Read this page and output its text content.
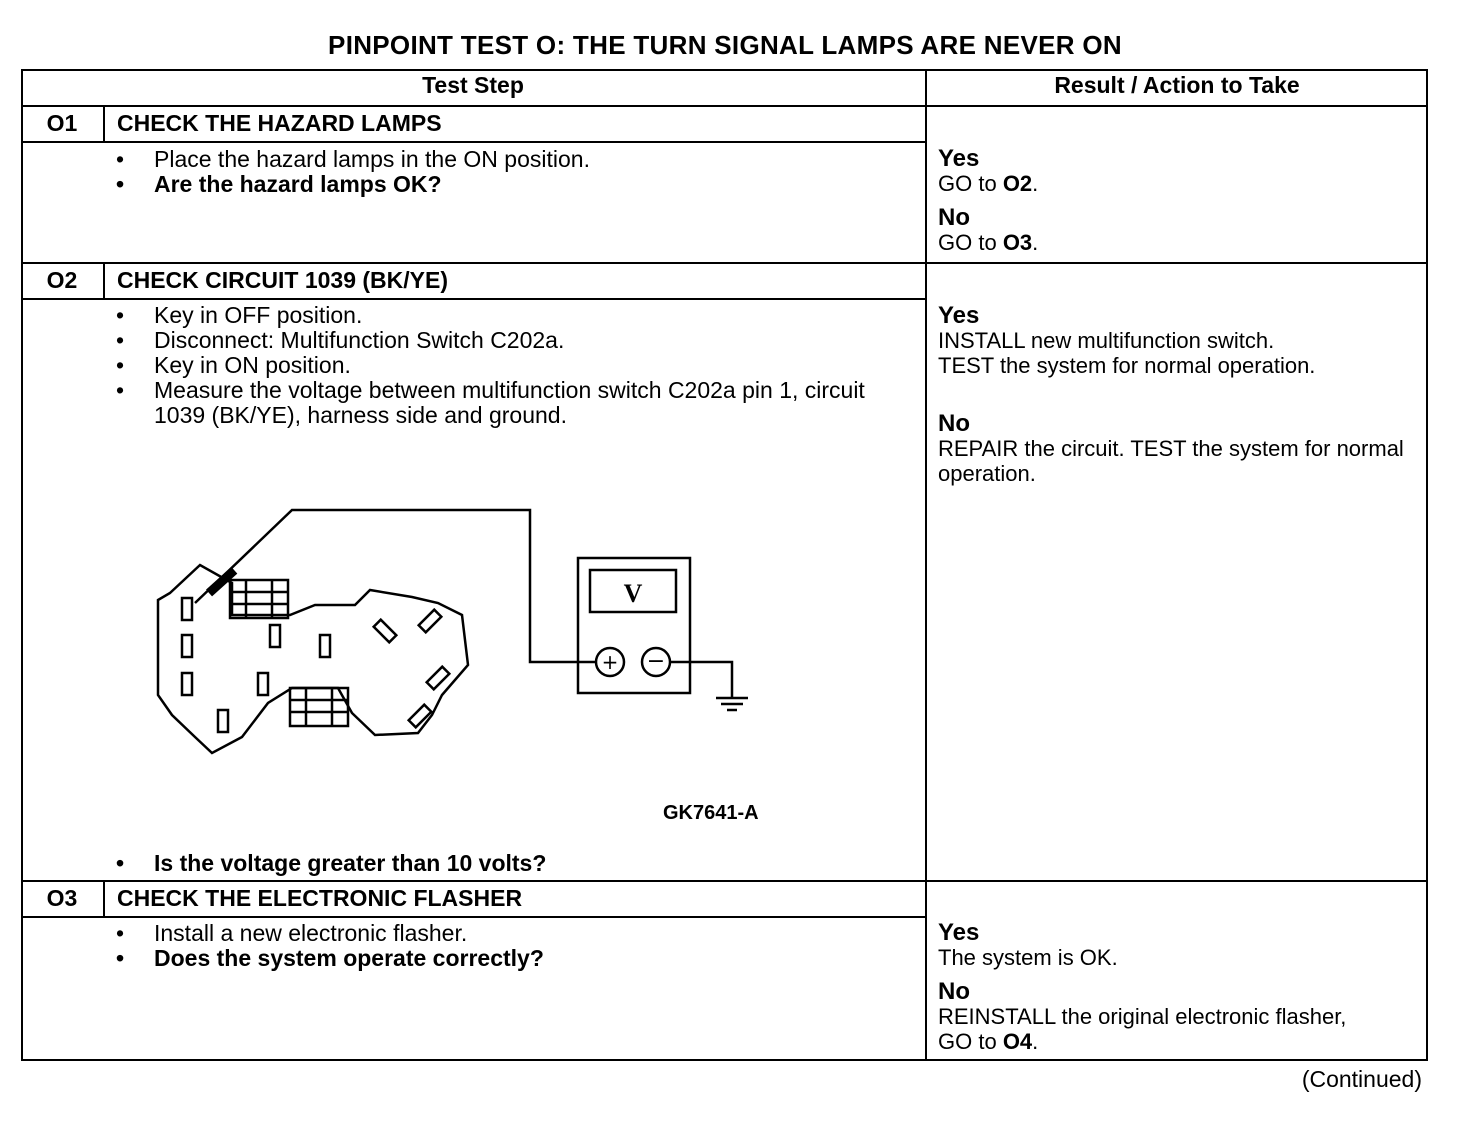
PINPOINT TEST O: THE TURN SIGNAL LAMPS ARE NEVER ON
Test Step	Result / Action to Take
O1	CHECK THE HAZARD LAMPS
• Place the hazard lamps in the ON position.
• Are the hazard lamps OK?
Yes
GO to O2.
No
GO to O3.
O2	CHECK CIRCUIT 1039 (BK/YE)
• Key in OFF position.
• Disconnect: Multifunction Switch C202a.
• Key in ON position.
• Measure the voltage between multifunction switch C202a pin 1, circuit 1039 (BK/YE), harness side and ground.
V
+ −
GK7641-A
• Is the voltage greater than 10 volts?
Yes
INSTALL new multifunction switch.
TEST the system for normal operation.
No
REPAIR the circuit. TEST the system for normal operation.
O3	CHECK THE ELECTRONIC FLASHER
• Install a new electronic flasher.
• Does the system operate correctly?
Yes
The system is OK.
No
REINSTALL the original electronic flasher,
GO to O4.
(Continued)
